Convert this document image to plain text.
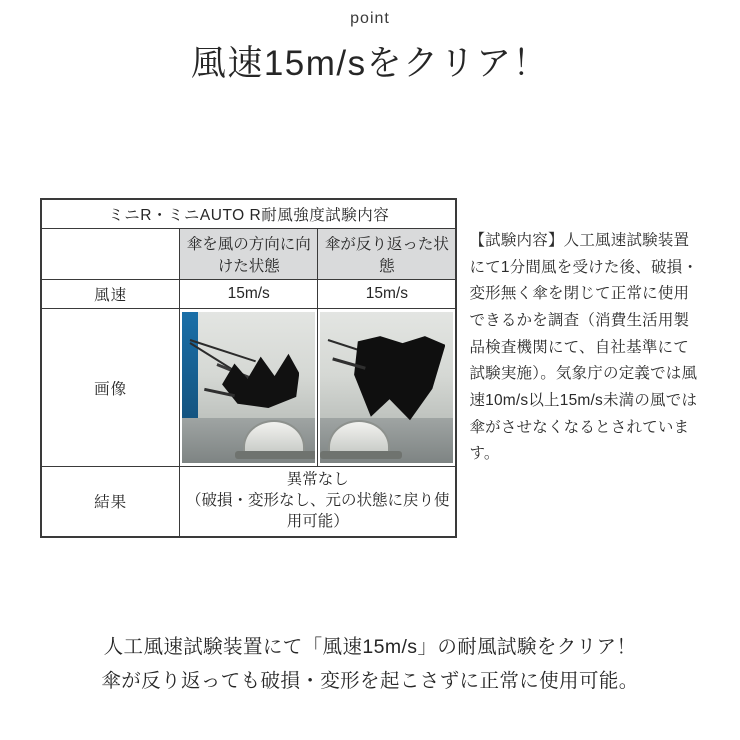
point
風速15m/sをクリア！
ミニR・ミニAUTO R耐風強度試験内容		
	傘を風の方向に向けた状態	傘が反り返った状態
風速	15m/s	15m/s
画像	

結果	異常なし
（破損・変形なし、元の状態に戻り使用可能）	
【試験内容】人工風速試験装置にて1分間風を受けた後、破損・変形無く傘を閉じて正常に使用できるかを調査（消費生活用製品検査機関にて、自社基準にて試験実施）。気象庁の定義では風速10m/s以上15m/s未満の風では傘がさせなくなるとされています。
人工風速試験装置にて「風速15m/s」の耐風試験をクリア！
傘が反り返っても破損・変形を起こさずに正常に使用可能。
